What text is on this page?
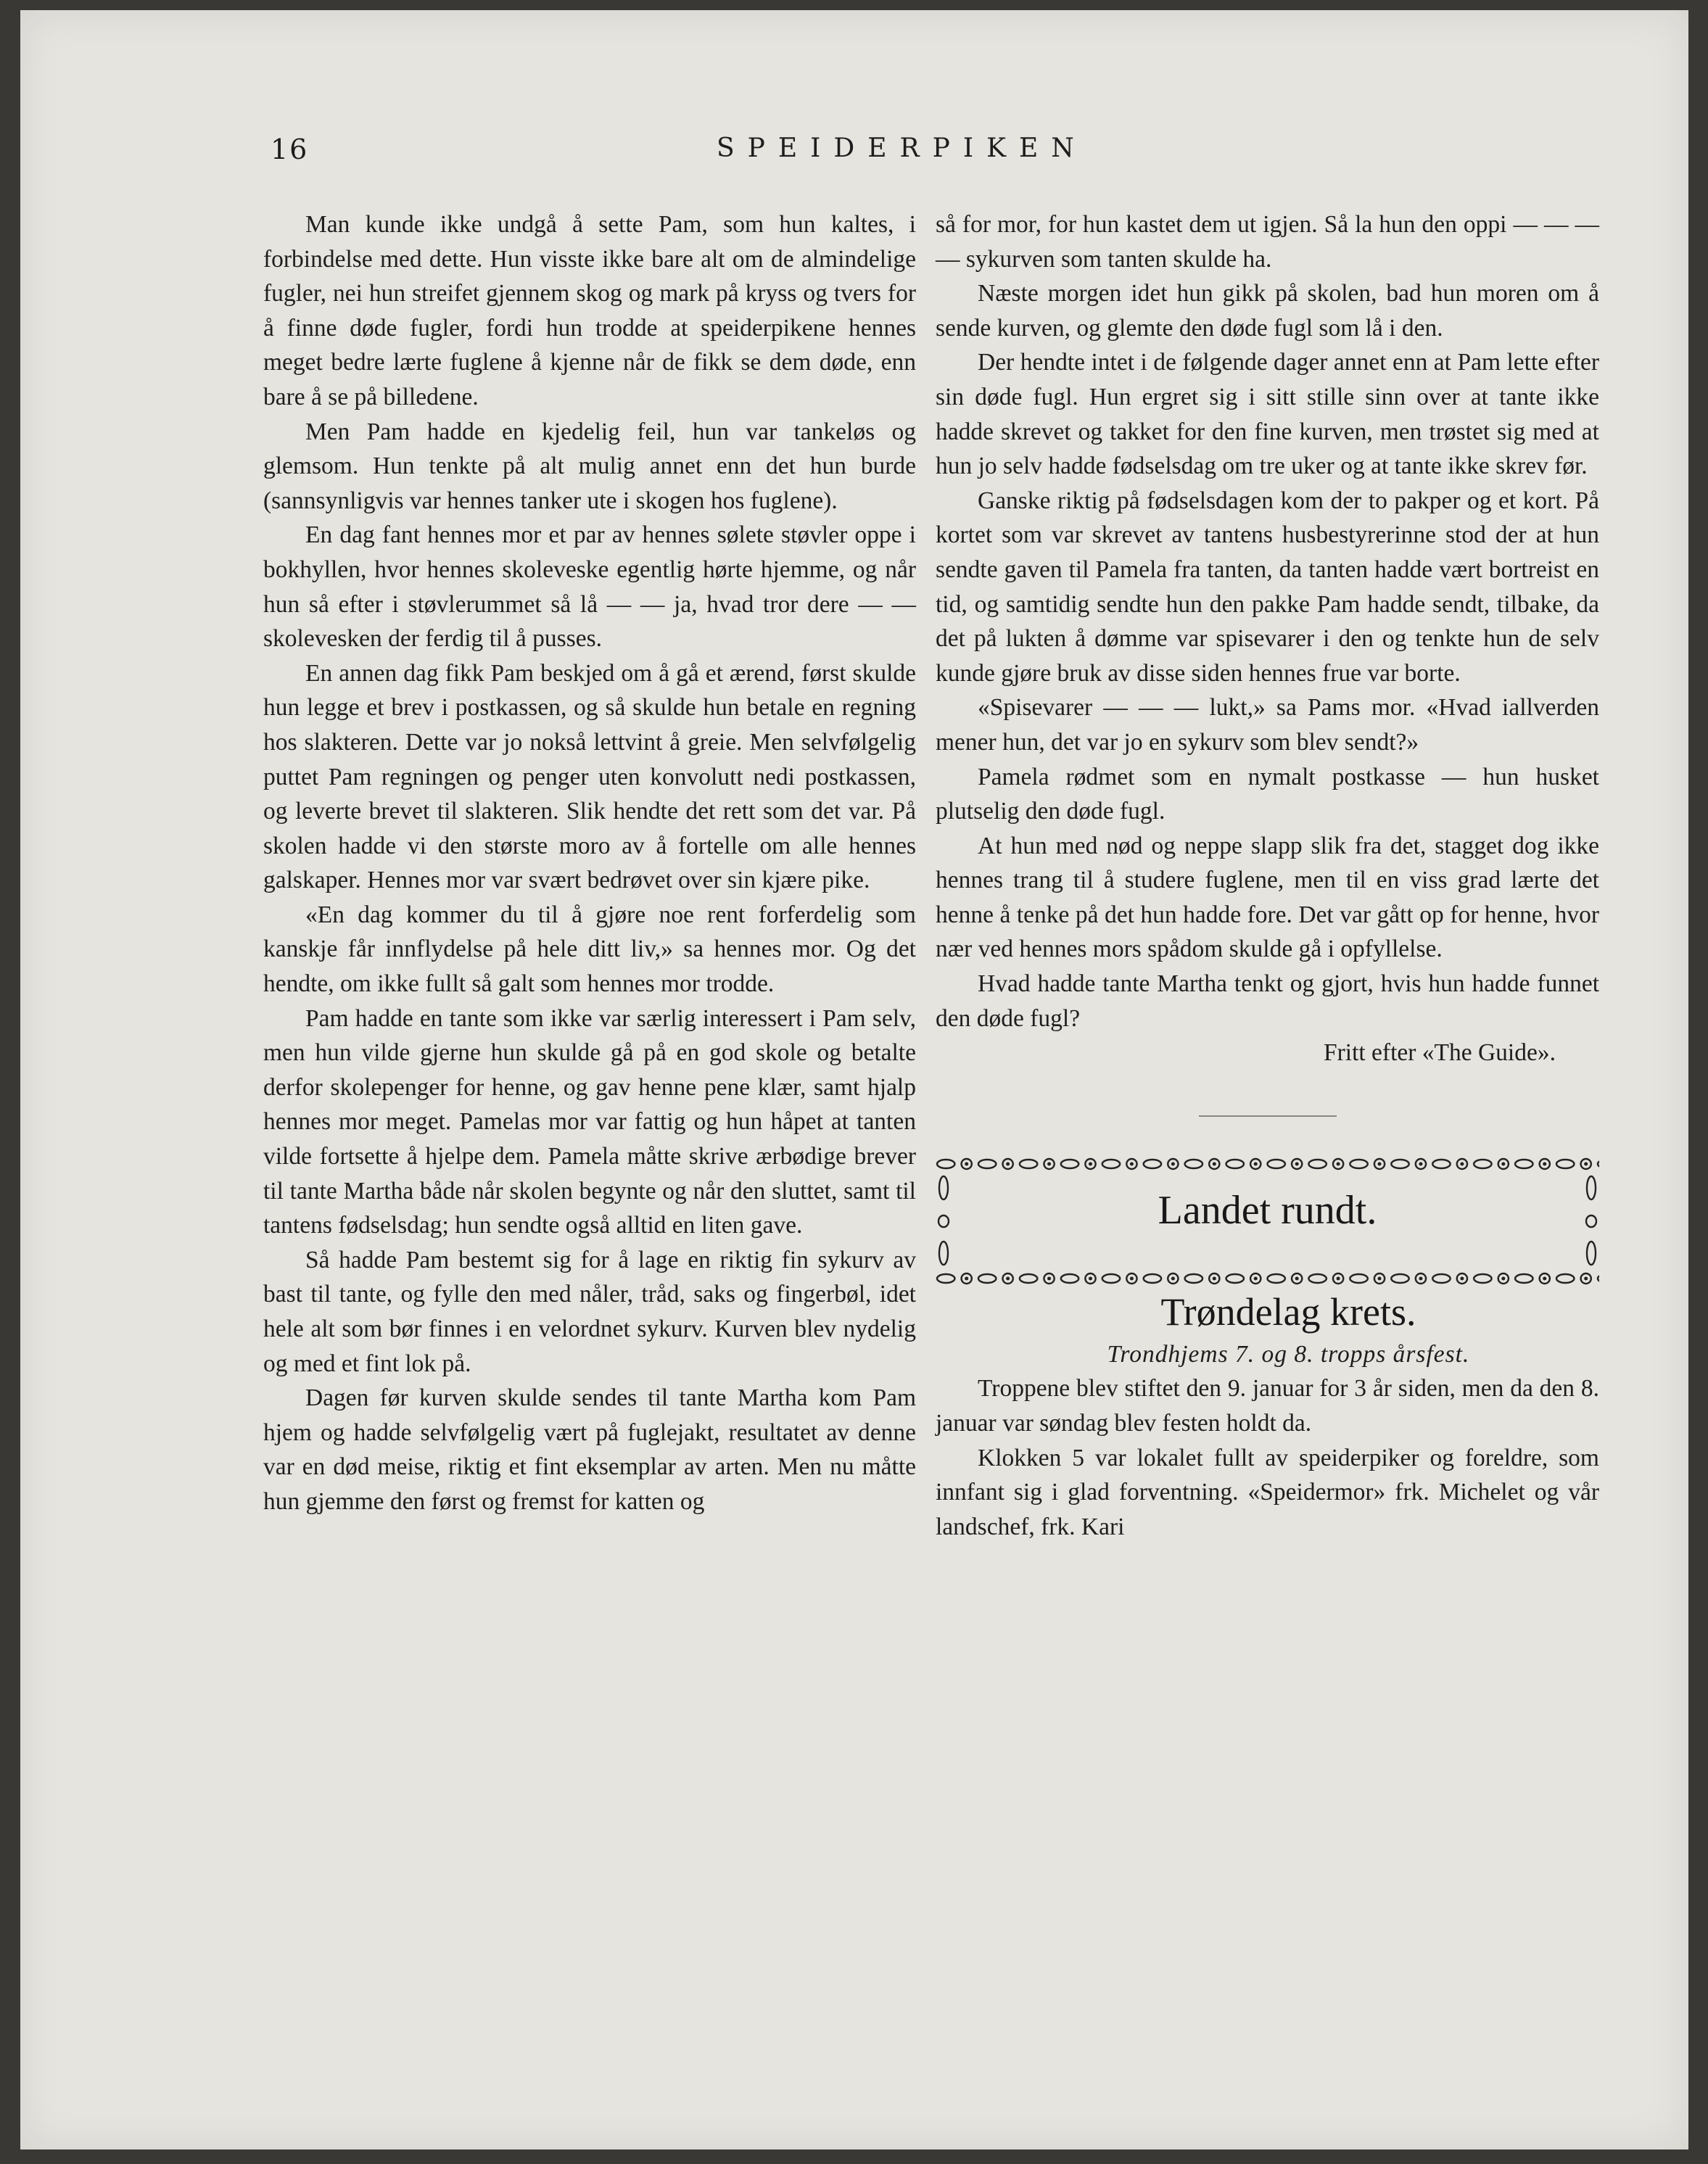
16	SPEIDERPIKEN

Man kunde ikke undgå å sette Pam, som hun kaltes, i forbindelse med dette. Hun visste ikke bare alt om de almindelige fugler, nei hun streifet gjennem skog og mark på kryss og tvers for å finne døde fugler, fordi hun trodde at speiderpikene hennes meget bedre lærte fuglene å kjenne når de fikk se dem døde, enn bare å se på billedene.

Men Pam hadde en kjedelig feil, hun var tankeløs og glemsom. Hun tenkte på alt mulig annet enn det hun burde (sannsynligvis var hennes tanker ute i skogen hos fuglene).

En dag fant hennes mor et par av hennes sølete støvler oppe i bokhyllen, hvor hennes skoleveske egentlig hørte hjemme, og når hun så efter i støvlerummet så lå — — ja, hvad tror dere — — skolevesken der ferdig til å pusses.

En annen dag fikk Pam beskjed om å gå et ærend, først skulde hun legge et brev i postkassen, og så skulde hun betale en regning hos slakteren. Dette var jo nokså lettvint å greie. Men selvfølgelig puttet Pam regningen og penger uten konvolutt nedi postkassen, og leverte brevet til slakteren. Slik hendte det rett som det var. På skolen hadde vi den største moro av å fortelle om alle hennes galskaper. Hennes mor var svært bedrøvet over sin kjære pike.

«En dag kommer du til å gjøre noe rent forferdelig som kanskje får innflydelse på hele ditt liv,» sa hennes mor. Og det hendte, om ikke fullt så galt som hennes mor trodde.

Pam hadde en tante som ikke var særlig interessert i Pam selv, men hun vilde gjerne hun skulde gå på en god skole og betalte derfor skolepenger for henne, og gav henne pene klær, samt hjalp hennes mor meget. Pamelas mor var fattig og hun håpet at tanten vilde fortsette å hjelpe dem. Pamela måtte skrive ærbødige brever til tante Martha både når skolen begynte og når den sluttet, samt til tantens fødselsdag; hun sendte også alltid en liten gave.

Så hadde Pam bestemt sig for å lage en riktig fin sykurv av bast til tante, og fylle den med nåler, tråd, saks og fingerbøl, idet hele alt som bør finnes i en velordnet sykurv. Kurven blev nydelig og med et fint lok på.

Dagen før kurven skulde sendes til tante Martha kom Pam hjem og hadde selvfølgelig vært på fuglejakt, resultatet av denne var en død meise, riktig et fint eksemplar av arten. Men nu måtte hun gjemme den først og fremst for katten og

så for mor, for hun kastet dem ut igjen. Så la hun den oppi — — — — sykurven som tanten skulde ha.

Næste morgen idet hun gikk på skolen, bad hun moren om å sende kurven, og glemte den døde fugl som lå i den.

Der hendte intet i de følgende dager annet enn at Pam lette efter sin døde fugl. Hun ergret sig i sitt stille sinn over at tante ikke hadde skrevet og takket for den fine kurven, men trøstet sig med at hun jo selv hadde fødselsdag om tre uker og at tante ikke skrev før.

Ganske riktig på fødselsdagen kom der to pakper og et kort. På kortet som var skrevet av tantens husbestyrerinne stod der at hun sendte gaven til Pamela fra tanten, da tanten hadde vært bortreist en tid, og samtidig sendte hun den pakke Pam hadde sendt, tilbake, da det på lukten å dømme var spisevarer i den og tenkte hun de selv kunde gjøre bruk av disse siden hennes frue var borte.

«Spisevarer — — — lukt,» sa Pams mor. «Hvad iallverden mener hun, det var jo en sykurv som blev sendt?»

Pamela rødmet som en nymalt postkasse — hun husket plutselig den døde fugl.

At hun med nød og neppe slapp slik fra det, stagget dog ikke hennes trang til å studere fuglene, men til en viss grad lærte det henne å tenke på det hun hadde fore. Det var gått op for henne, hvor nær ved hennes mors spådom skulde gå i opfyllelse.

Hvad hadde tante Martha tenkt og gjort, hvis hun hadde funnet den døde fugl?

Fritt efter «The Guide».

Landet rundt.

Trøndelag krets.

Trondhjems 7. og 8. tropps årsfest.

Troppene blev stiftet den 9. januar for 3 år siden, men da den 8. januar var søndag blev festen holdt da.

Klokken 5 var lokalet fullt av speiderpiker og foreldre, som innfant sig i glad forventning. «Speidermor» frk. Michelet og vår landschef, frk. Kari
